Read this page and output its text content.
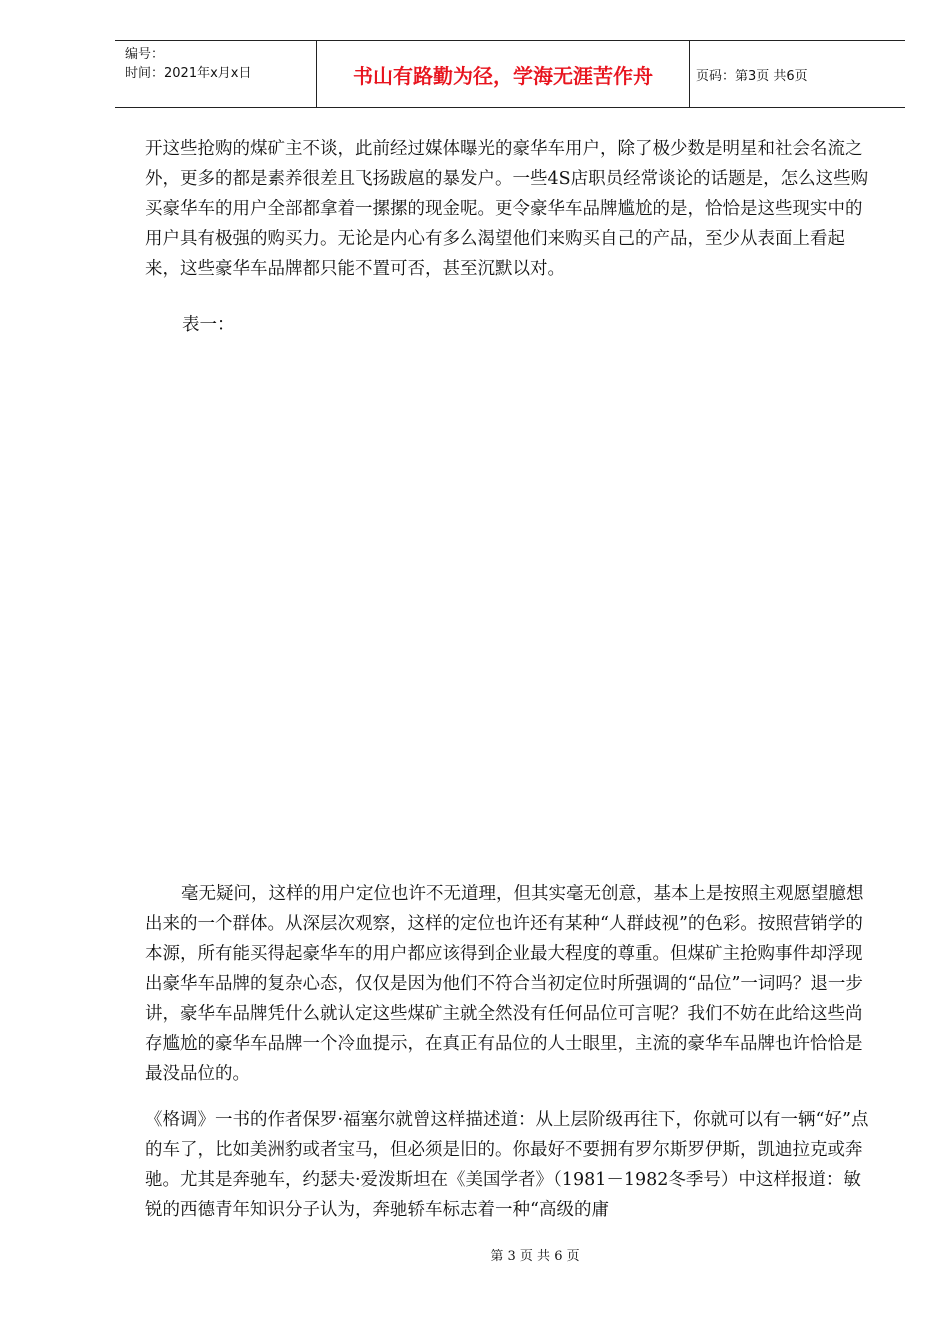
编号：
时间：2021年x月x日	书山有路勤为径，学海无涯苦作舟	页码：第3页 共6页

开这些抢购的煤矿主不谈，此前经过媒体曝光的豪华车用户，除了极少数是明星和社会名流之外，更多的都是素养很差且飞扬跋扈的暴发户。一些4S店职员经常谈论的话题是，怎么这些购买豪华车的用户全部都拿着一摞摞的现金呢。更令豪华车品牌尴尬的是，恰恰是这些现实中的用户具有极强的购买力。无论是内心有多么渴望他们来购买自己的产品，至少从表面上看起来，这些豪华车品牌都只能不置可否，甚至沉默以对。

表一：

毫无疑问，这样的用户定位也许不无道理，但其实毫无创意，基本上是按照主观愿望臆想出来的一个群体。从深层次观察，这样的定位也许还有某种“人群歧视”的色彩。按照营销学的本源，所有能买得起豪华车的用户都应该得到企业最大程度的尊重。但煤矿主抢购事件却浮现出豪华车品牌的复杂心态，仅仅是因为他们不符合当初定位时所强调的“品位”一词吗？退一步讲，豪华车品牌凭什么就认定这些煤矿主就全然没有任何品位可言呢？我们不妨在此给这些尚存尴尬的豪华车品牌一个冷血提示，在真正有品位的人士眼里，主流的豪华车品牌也许恰恰是最没品位的。

《格调》一书的作者保罗·福塞尔就曾这样描述道：从上层阶级再往下，你就可以有一辆“好”点的车了，比如美洲豹或者宝马，但必须是旧的。你最好不要拥有罗尔斯罗伊斯，凯迪拉克或奔驰。尤其是奔驰车，约瑟夫·爱泼斯坦在《美国学者》（1981－1982冬季号）中这样报道：敏锐的西德青年知识分子认为，奔驰轿车标志着一种“高级的庸

第 3 页 共 6 页
